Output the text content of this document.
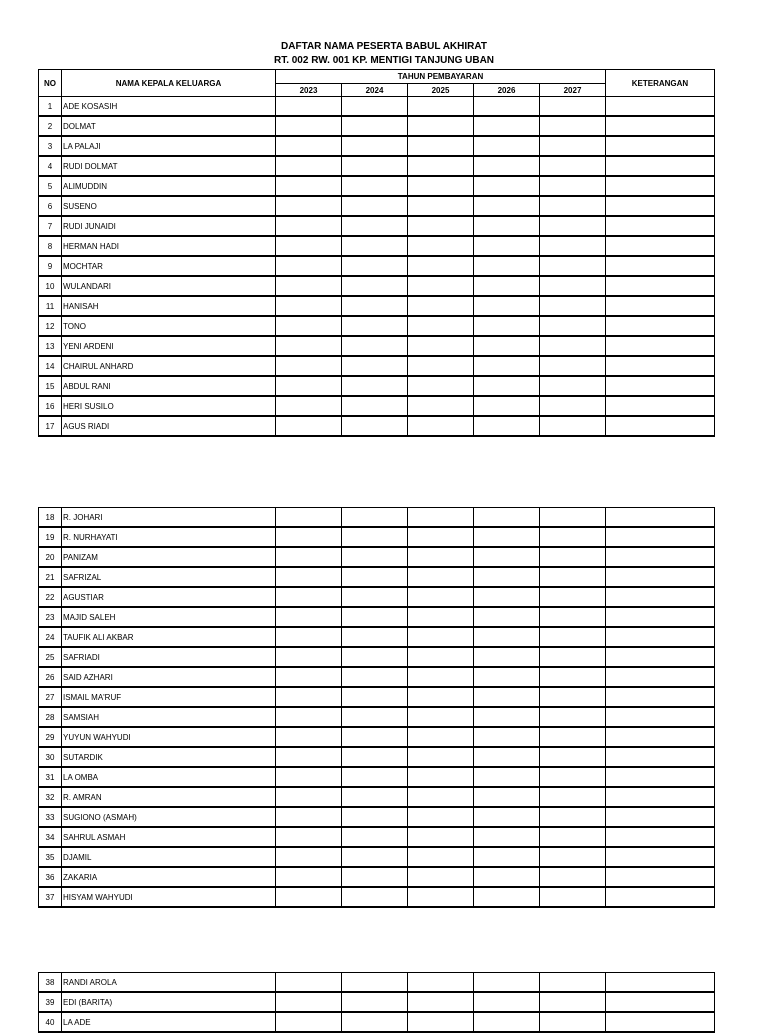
DAFTAR NAMA PESERTA BABUL AKHIRAT
RT. 002 RW. 001 KP. MENTIGI TANJUNG UBAN
NO	NAMA KEPALA KELUARGA	TAHUN PEMBAYARAN					KETERANGAN
		2023	2024	2025	2026	2027	
1	ADE KOSASIH						
2	DOLMAT						
3	LA PALAJI						
4	RUDI DOLMAT						
5	ALIMUDDIN						
6	SUSENO						
7	RUDI JUNAIDI						
8	HERMAN HADI						
9	MOCHTAR						
10	WULANDARI						
11	HANISAH						
12	TONO						
13	YENI ARDENI						
14	CHAIRUL ANHARD						
15	ABDUL RANI						
16	HERI SUSILO						
17	AGUS RIADI						
18	R. JOHARI						
19	R. NURHAYATI						
20	PANIZAM						
21	SAFRIZAL						
22	AGUSTIAR						
23	MAJID SALEH						
24	TAUFIK ALI AKBAR						
25	SAFRIADI						
26	SAID AZHARI						
27	ISMAIL MA'RUF						
28	SAMSIAH						
29	YUYUN WAHYUDI						
30	SUTARDIK						
31	LA OMBA						
32	R. AMRAN						
33	SUGIONO (ASMAH)						
34	SAHRUL ASMAH						
35	DJAMIL						
36	ZAKARIA						
37	HISYAM WAHYUDI						
38	RANDI AROLA						
39	EDI (BARITA)						
40	LA ADE						
